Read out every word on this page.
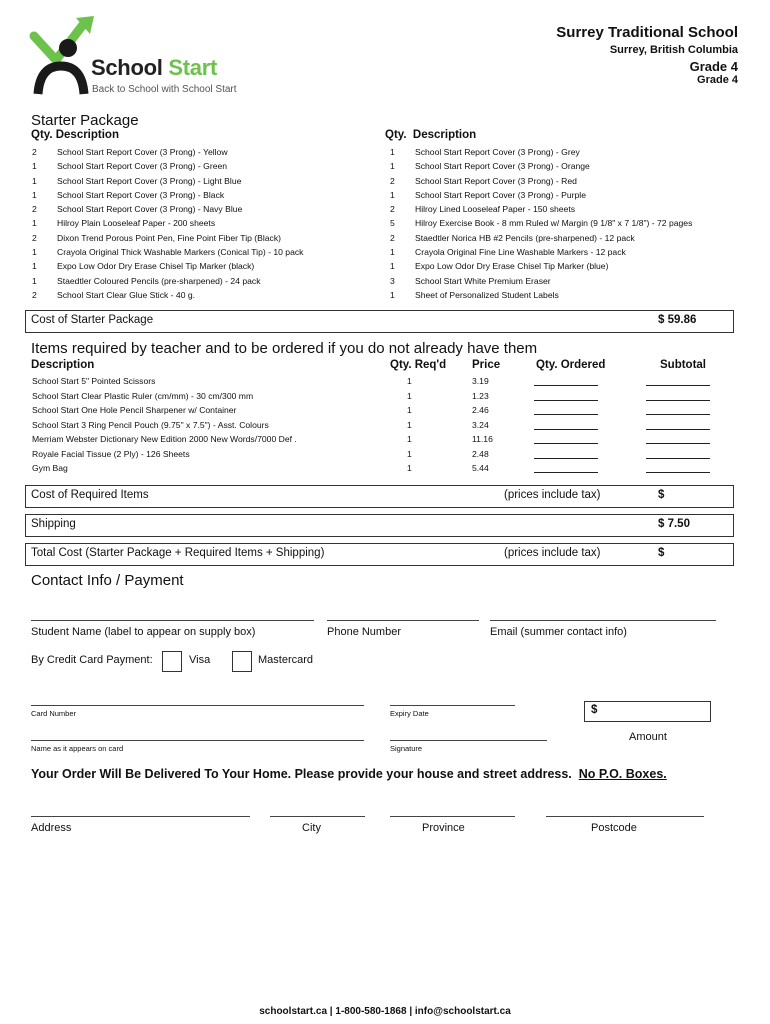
School Start
Back to School with School Start
Surrey Traditional School
Surrey, British Columbia
Grade 4
Grade 4
Starter Package
Qty. Description	Qty. Description
2 School Start Report Cover (3 Prong) - Yellow
1 School Start Report Cover (3 Prong) - Green
1 School Start Report Cover (3 Prong) - Light Blue
1 School Start Report Cover (3 Prong) - Black
2 School Start Report Cover (3 Prong) - Navy Blue
1 Hilroy Plain Looseleaf Paper - 200 sheets
2 Dixon Trend Porous Point Pen, Fine Point Fiber Tip (Black)
1 Crayola Original Thick Washable Markers (Conical Tip) - 10 pack
1 Expo Low Odor Dry Erase Chisel Tip Marker (black)
1 Staedtler Coloured Pencils (pre-sharpened) - 24 pack
2 School Start Clear Glue Stick - 40 g.
1 School Start Report Cover (3 Prong) - Grey
1 School Start Report Cover (3 Prong) - Orange
2 School Start Report Cover (3 Prong) - Red
1 School Start Report Cover (3 Prong) - Purple
2 Hilroy Lined Looseleaf Paper - 150 sheets
5 Hilroy Exercise Book - 8 mm Ruled w/ Margin (9 1/8" x 7 1/8") - 72 pages
2 Staedtler Norica HB #2 Pencils (pre-sharpened) - 12 pack
1 Crayola Original Fine Line Washable Markers - 12 pack
1 Expo Low Odor Dry Erase Chisel Tip Marker (blue)
3 School Start White Premium Eraser
1 Sheet of Personalized Student Labels
Cost of Starter Package	$ 59.86
Items required by teacher and to be ordered if you do not already have them
Description	Qty. Req'd Price	Qty. Ordered	Subtotal
School Start 5" Pointed Scissors	1	3.19
School Start Clear Plastic Ruler (cm/mm) - 30 cm/300 mm	1	1.23
School Start One Hole Pencil Sharpener w/ Container	1	2.46
School Start 3 Ring Pencil Pouch (9.75" x 7.5") - Asst. Colours	1	3.24
Merriam Webster Dictionary New Edition 2000 New Words/7000 Def .	1	11.16
Royale Facial Tissue (2 Ply) - 126 Sheets	1	2.48
Gym Bag	1	5.44
Cost of Required Items	(prices include tax)	$
Shipping	$ 7.50
Total Cost (Starter Package + Required Items + Shipping)	(prices include tax)	$
Contact Info / Payment
Student Name (label to appear on supply box)	Phone Number	Email (summer contact info)
By Credit Card Payment:	Visa	Mastercard
Card Number	Expiry Date	$
Amount
Name as it appears on card	Signature
Your Order Will Be Delivered To Your Home. Please provide your house and street address. No P.O. Boxes.
Address	City	Province	Postcode
schoolstart.ca | 1-800-580-1868 | info@schoolstart.ca
